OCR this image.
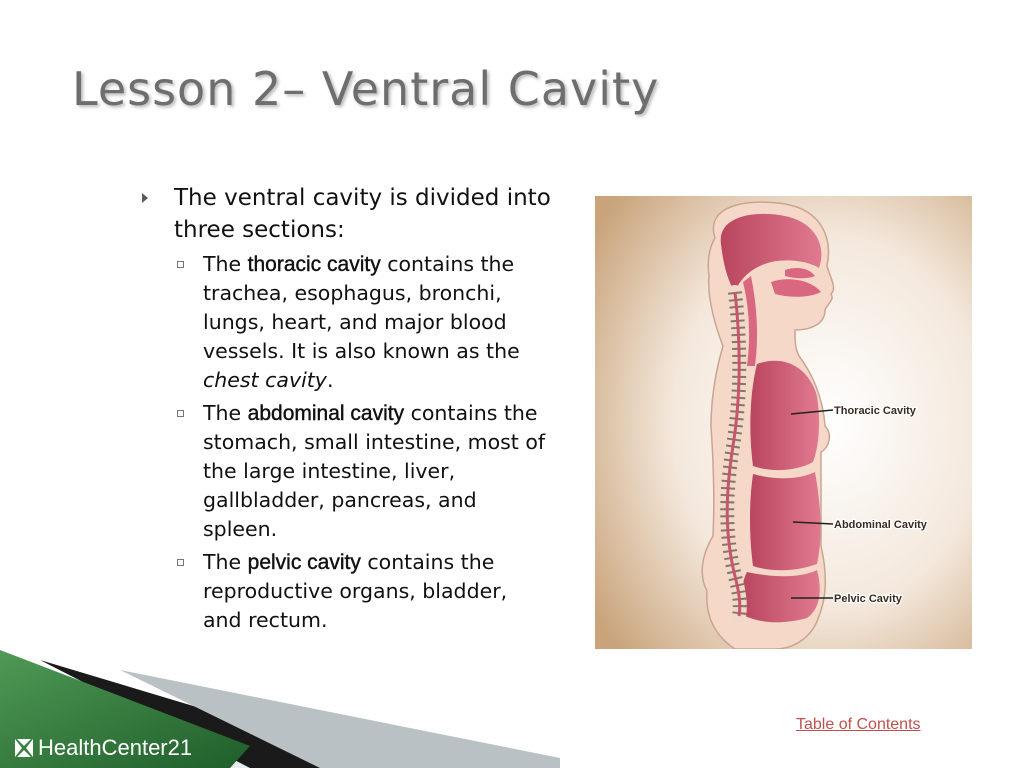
Lesson 2– Ventral Cavity
The ventral cavity is divided into three sections:
The thoracic cavity contains the trachea, esophagus, bronchi, lungs, heart, and major blood vessels. It is also known as the chest cavity.
The abdominal cavity contains the stomach, small intestine, most of the large intestine, liver, gallbladder, pancreas, and spleen.
The pelvic cavity contains the reproductive organs, bladder, and rectum.
Thoracic Cavity
Abdominal Cavity
Pelvic Cavity
HealthCenter21
Table of Contents
